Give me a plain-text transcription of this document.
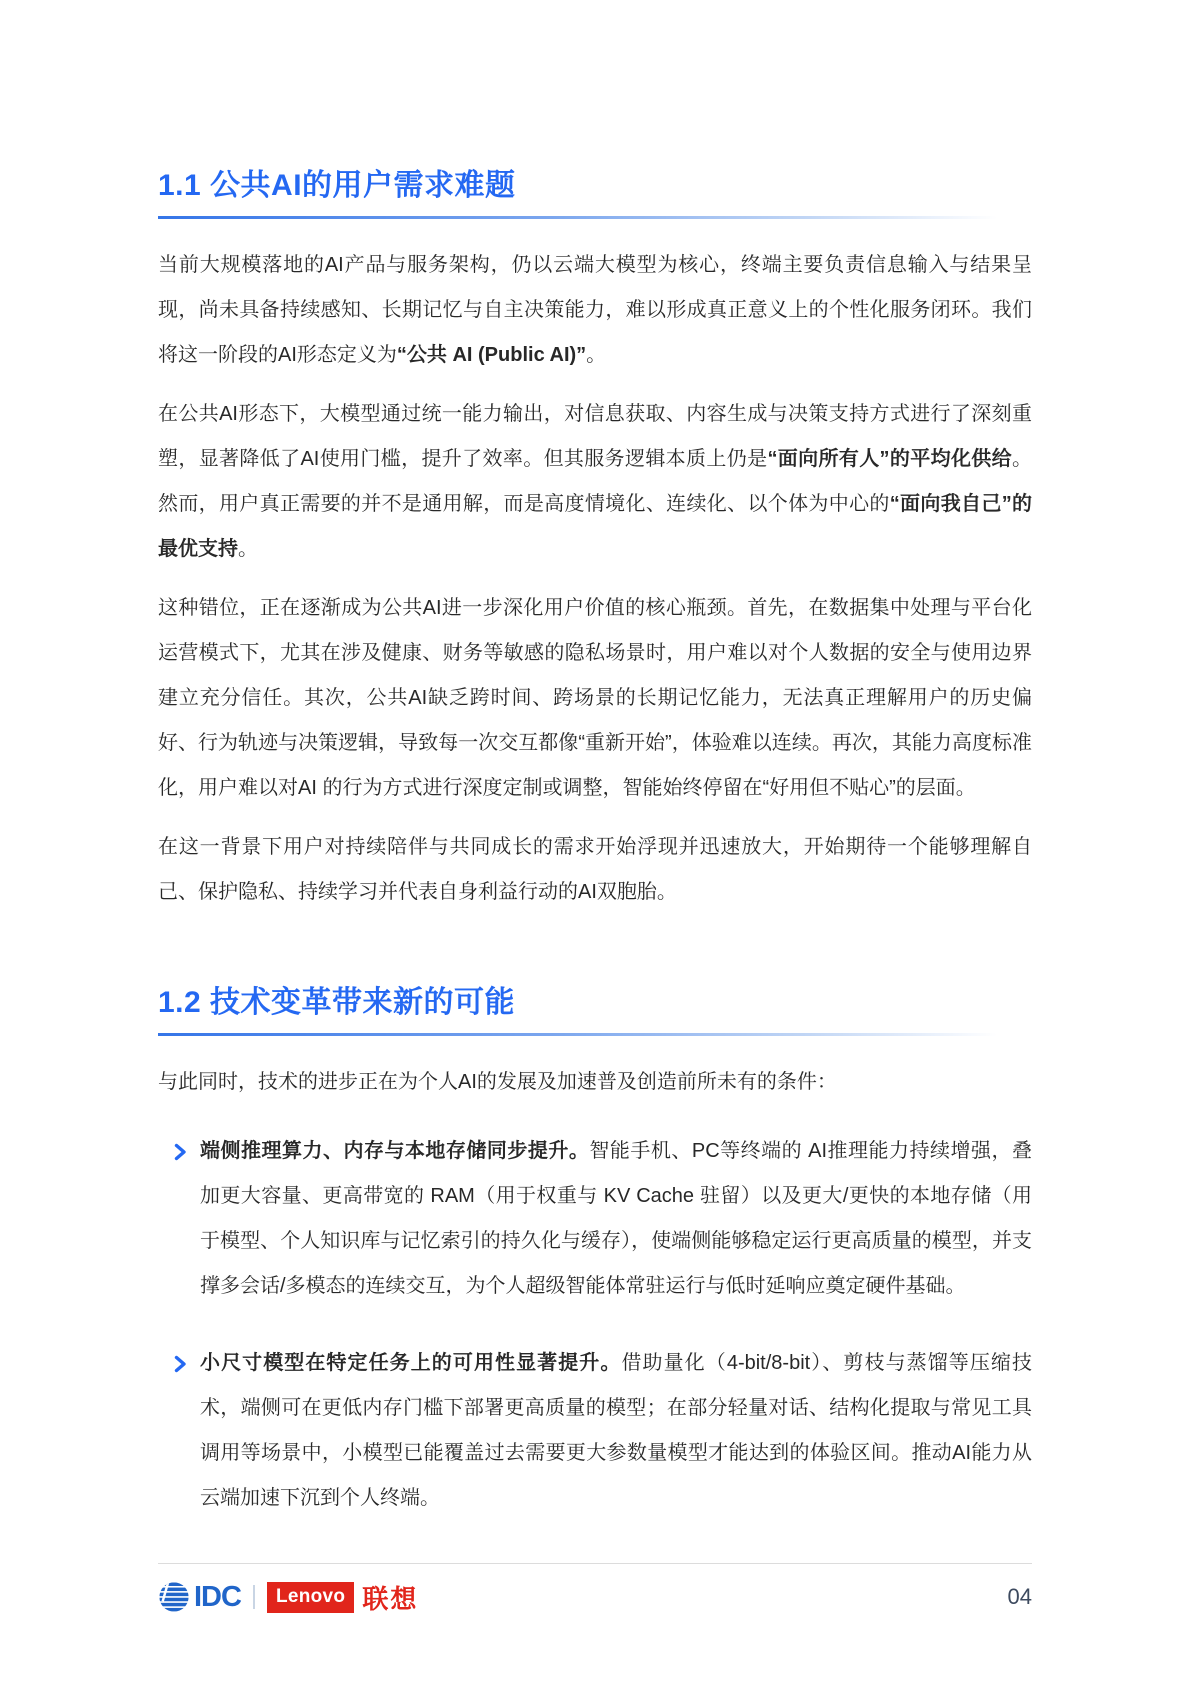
1.1 公共AI的用户需求难题

当前大规模落地的AI产品与服务架构，仍以云端大模型为核心，终端主要负责信息输入与结果呈现，尚未具备持续感知、长期记忆与自主决策能力，难以形成真正意义上的个性化服务闭环。我们将这一阶段的AI形态定义为“公共 AI (Public AI)”。

在公共AI形态下，大模型通过统一能力输出，对信息获取、内容生成与决策支持方式进行了深刻重塑，显著降低了AI使用门槛，提升了效率。但其服务逻辑本质上仍是“面向所有人”的平均化供给。然而，用户真正需要的并不是通用解，而是高度情境化、连续化、以个体为中心的“面向我自己”的最优支持。

这种错位，正在逐渐成为公共AI进一步深化用户价值的核心瓶颈。首先，在数据集中处理与平台化运营模式下，尤其在涉及健康、财务等敏感的隐私场景时，用户难以对个人数据的安全与使用边界建立充分信任。其次，公共AI缺乏跨时间、跨场景的长期记忆能力，无法真正理解用户的历史偏好、行为轨迹与决策逻辑，导致每一次交互都像“重新开始”，体验难以连续。再次，其能力高度标准化，用户难以对AI 的行为方式进行深度定制或调整，智能始终停留在“好用但不贴心”的层面。

在这一背景下用户对持续陪伴与共同成长的需求开始浮现并迅速放大，开始期待一个能够理解自己、保护隐私、持续学习并代表自身利益行动的AI双胞胎。

1.2 技术变革带来新的可能

与此同时，技术的进步正在为个人AI的发展及加速普及创造前所未有的条件：

端侧推理算力、内存与本地存储同步提升。智能手机、PC等终端的 AI推理能力持续增强，叠加更大容量、更高带宽的 RAM（用于权重与 KV Cache 驻留）以及更大/更快的本地存储（用于模型、个人知识库与记忆索引的持久化与缓存），使端侧能够稳定运行更高质量的模型，并支撑多会话/多模态的连续交互，为个人超级智能体常驻运行与低时延响应奠定硬件基础。

小尺寸模型在特定任务上的可用性显著提升。借助量化（4-bit/8-bit）、剪枝与蒸馏等压缩技术，端侧可在更低内存门槛下部署更高质量的模型；在部分轻量对话、结构化提取与常见工具调用等场景中，小模型已能覆盖过去需要更大参数量模型才能达到的体验区间。推动AI能力从云端加速下沉到个人终端。

IDC Lenovo 联想	04
